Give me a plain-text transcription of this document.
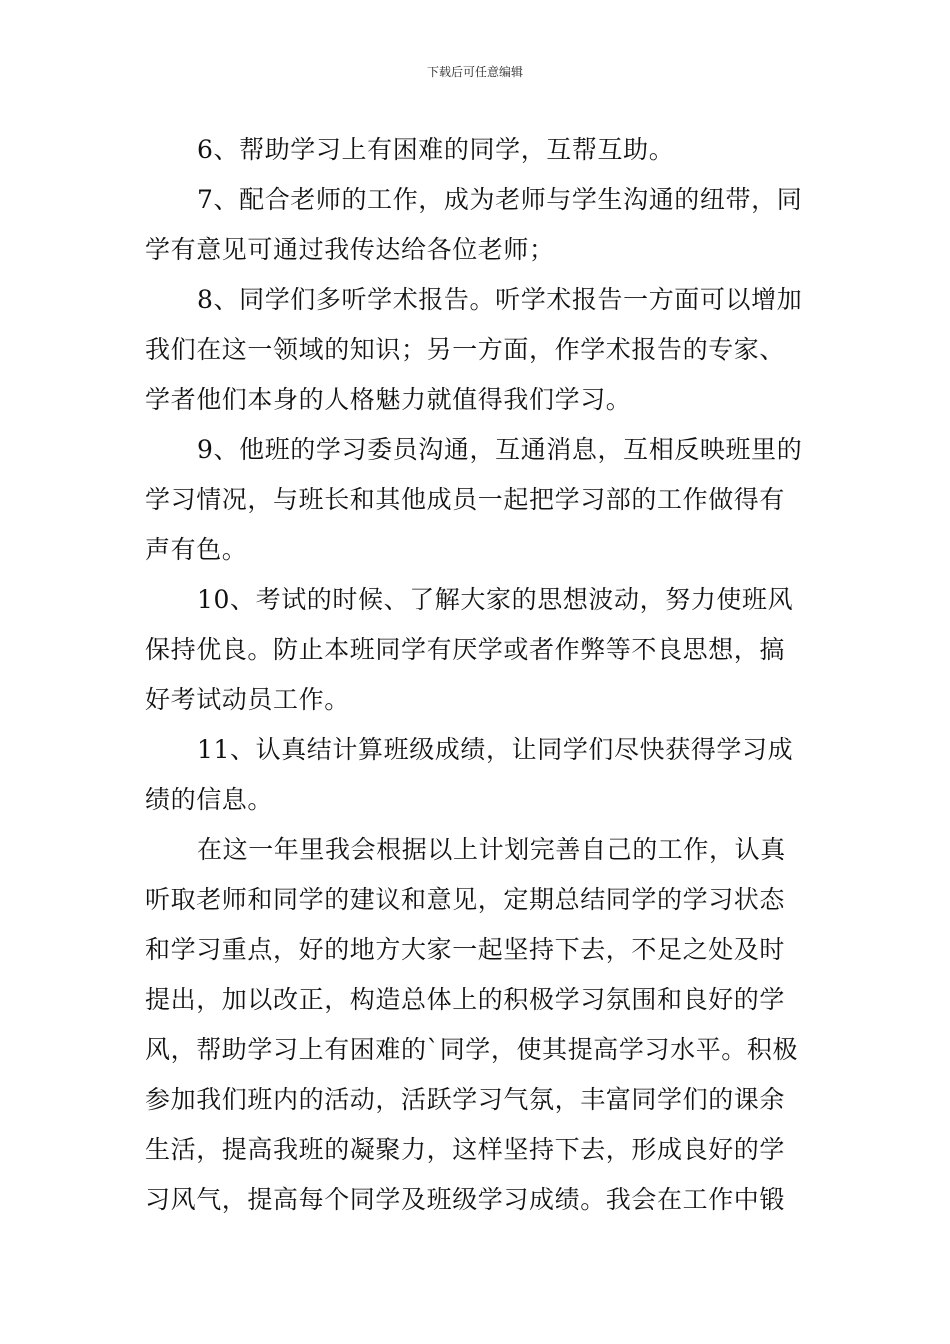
下载后可任意编辑

6、帮助学习上有困难的同学，互帮互助。

7、配合老师的工作，成为老师与学生沟通的纽带，同学有意见可通过我传达给各位老师；

8、同学们多听学术报告。听学术报告一方面可以增加我们在这一领域的知识；另一方面，作学术报告的专家、学者他们本身的人格魅力就值得我们学习。

9、他班的学习委员沟通，互通消息，互相反映班里的学习情况，与班长和其他成员一起把学习部的工作做得有声有色。

10、考试的时候、了解大家的思想波动，努力使班风保持优良。防止本班同学有厌学或者作弊等不良思想，搞好考试动员工作。

11、认真结计算班级成绩，让同学们尽快获得学习成绩的信息。

在这一年里我会根据以上计划完善自己的工作，认真听取老师和同学的建议和意见，定期总结同学的学习状态和学习重点，好的地方大家一起坚持下去，不足之处及时提出，加以改正，构造总体上的积极学习氛围和良好的学风，帮助学习上有困难的`同学，使其提高学习水平。积极参加我们班内的活动，活跃学习气氛，丰富同学们的课余生活，提高我班的凝聚力，这样坚持下去，形成良好的学习风气，提高每个同学及班级学习成绩。我会在工作中锻
